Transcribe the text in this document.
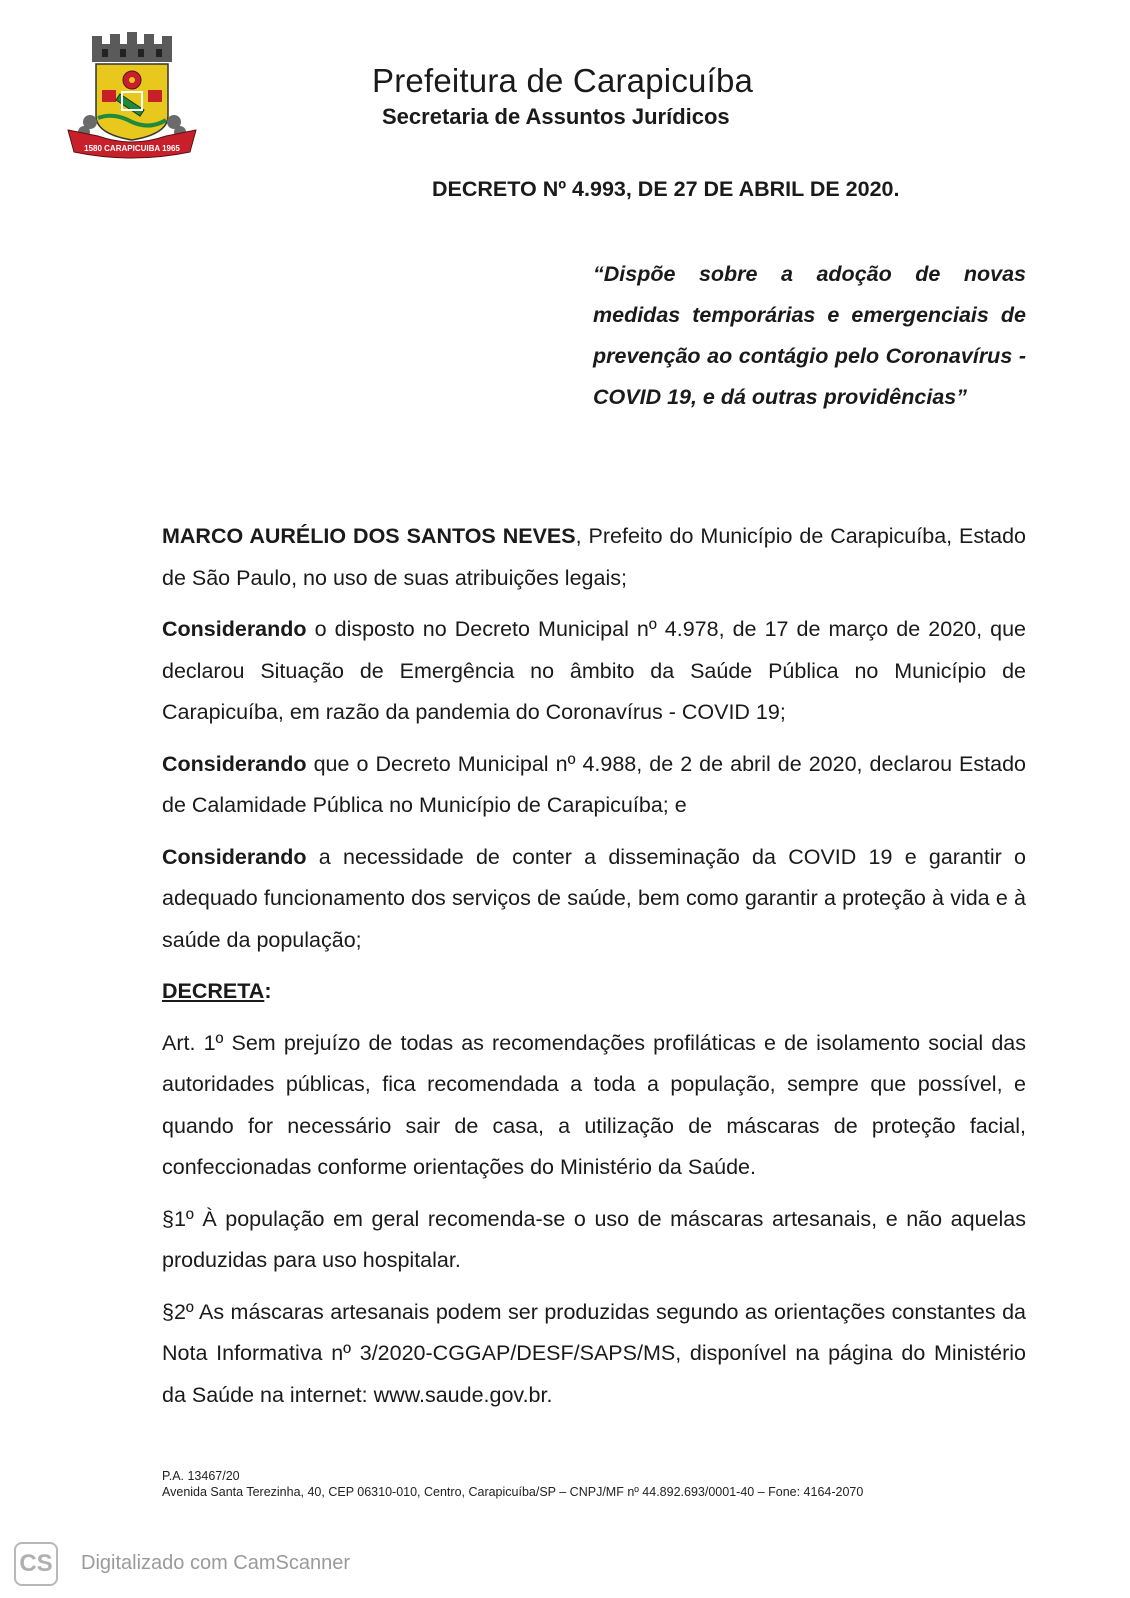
1580 CARAPICUIBA 1965
Prefeitura de Carapicuíba
Secretaria de Assuntos Jurídicos
DECRETO Nº 4.993, DE 27 DE ABRIL DE 2020.
“Dispõe sobre a adoção de novas medidas temporárias e emergenciais de prevenção ao contágio pelo Coronavírus - COVID 19, e dá outras providências”

MARCO AURÉLIO DOS SANTOS NEVES, Prefeito do Município de Carapicuíba, Estado de São Paulo, no uso de suas atribuições legais;

Considerando o disposto no Decreto Municipal nº 4.978, de 17 de março de 2020, que declarou Situação de Emergência no âmbito da Saúde Pública no Município de Carapicuíba, em razão da pandemia do Coronavírus - COVID 19;

Considerando que o Decreto Municipal nº 4.988, de 2 de abril de 2020, declarou Estado de Calamidade Pública no Município de Carapicuíba; e

Considerando a necessidade de conter a disseminação da COVID 19 e garantir o adequado funcionamento dos serviços de saúde, bem como garantir a proteção à vida e à saúde da população;

DECRETA:

Art. 1º Sem prejuízo de todas as recomendações profiláticas e de isolamento social das autoridades públicas, fica recomendada a toda a população, sempre que possível, e quando for necessário sair de casa, a utilização de máscaras de proteção facial, confeccionadas conforme orientações do Ministério da Saúde.

§1º À população em geral recomenda-se o uso de máscaras artesanais, e não aquelas produzidas para uso hospitalar.

§2º As máscaras artesanais podem ser produzidas segundo as orientações constantes da Nota Informativa nº 3/2020-CGGAP/DESF/SAPS/MS, disponível na página do Ministério da Saúde na internet: www.saude.gov.br.

P.A. 13467/20
Avenida Santa Terezinha, 40, CEP 06310-010, Centro, Carapicuíba/SP – CNPJ/MF nº 44.892.693/0001-40 – Fone: 4164-2070
CS Digitalizado com CamScanner
